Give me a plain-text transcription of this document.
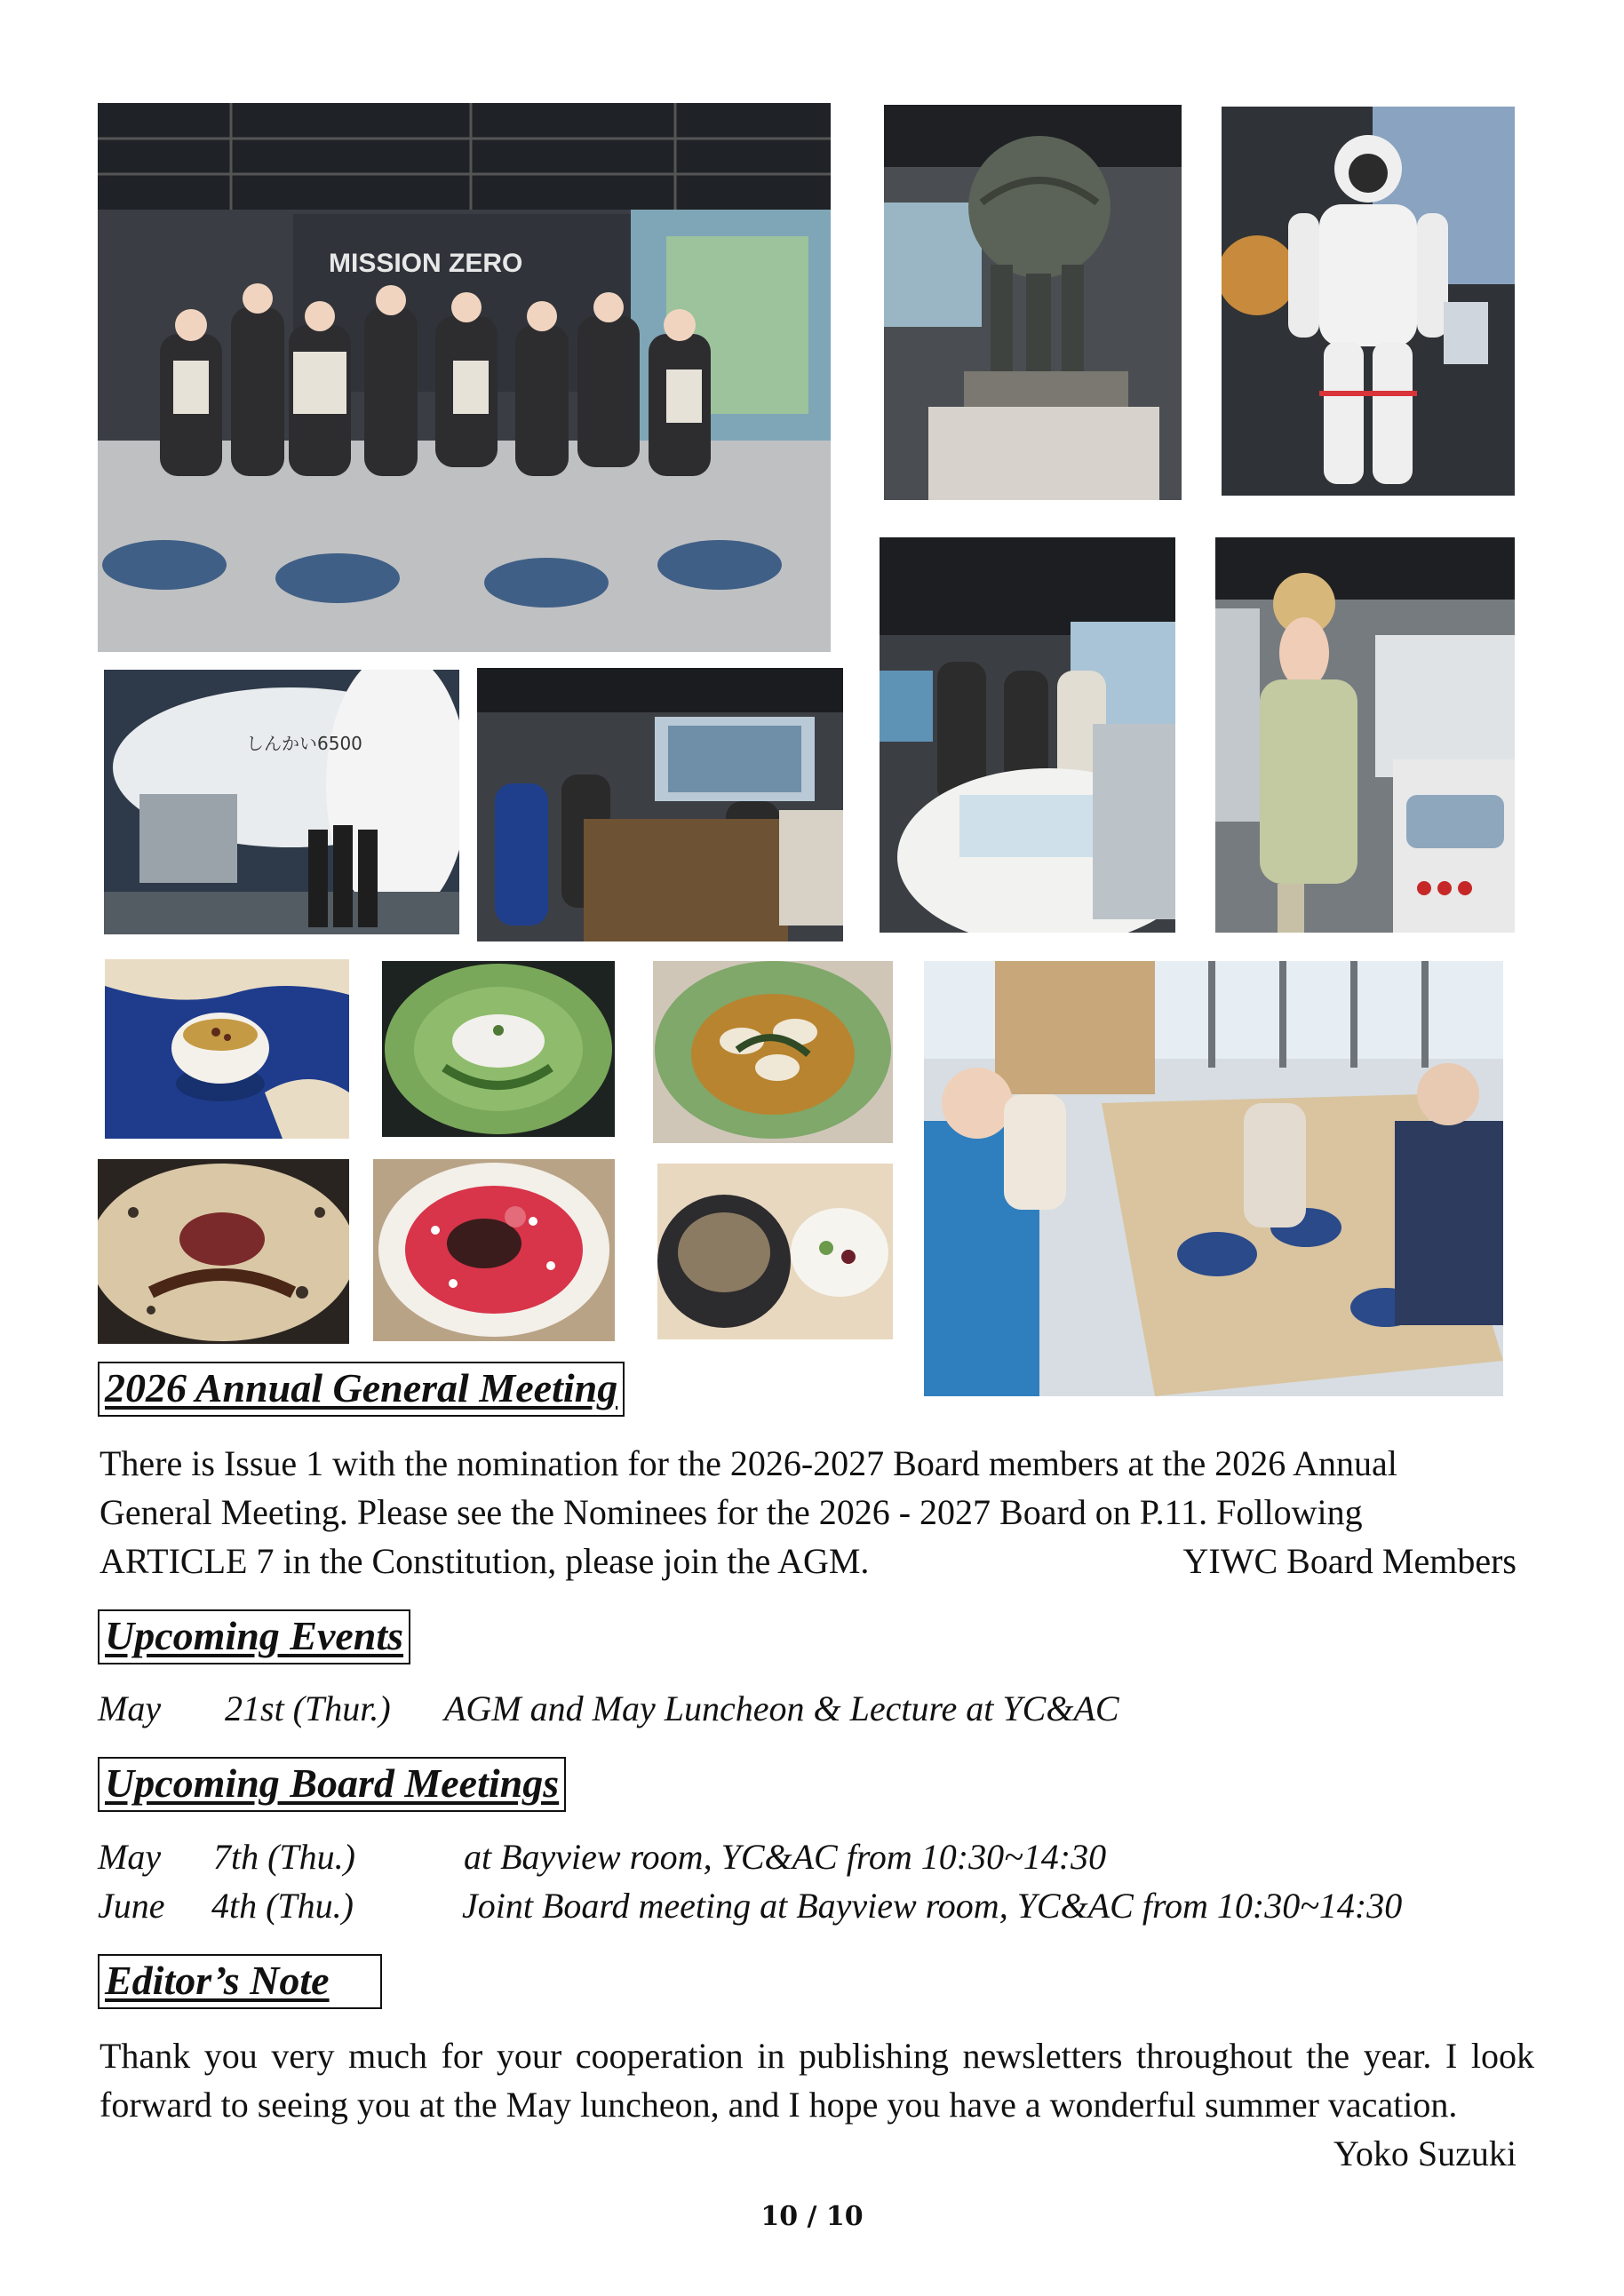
MISSION ZERO
しんかい6500
2026 Annual General Meeting
There is Issue 1 with the nomination for the 2026-2027 Board members at the 2026 Annual General Meeting. Please see the Nominees for the 2026 - 2027 Board on P.11. Following ARTICLE 7 in the Constitution, please join the AGM.	YIWC Board Members
Upcoming Events
May 21st (Thur.) AGM and May Luncheon & Lecture at YC&AC
Upcoming Board Meetings
May 7th (Thu.)	at Bayview room, YC&AC from 10:30~14:30
June 4th (Thu.)	Joint Board meeting at Bayview room, YC&AC from 10:30~14:30
Editor’s Note
Thank you very much for your cooperation in publishing newsletters throughout the year. I look forward to seeing you at the May luncheon, and I hope you have a wonderful summer vacation.
Yoko Suzuki
10 / 10
